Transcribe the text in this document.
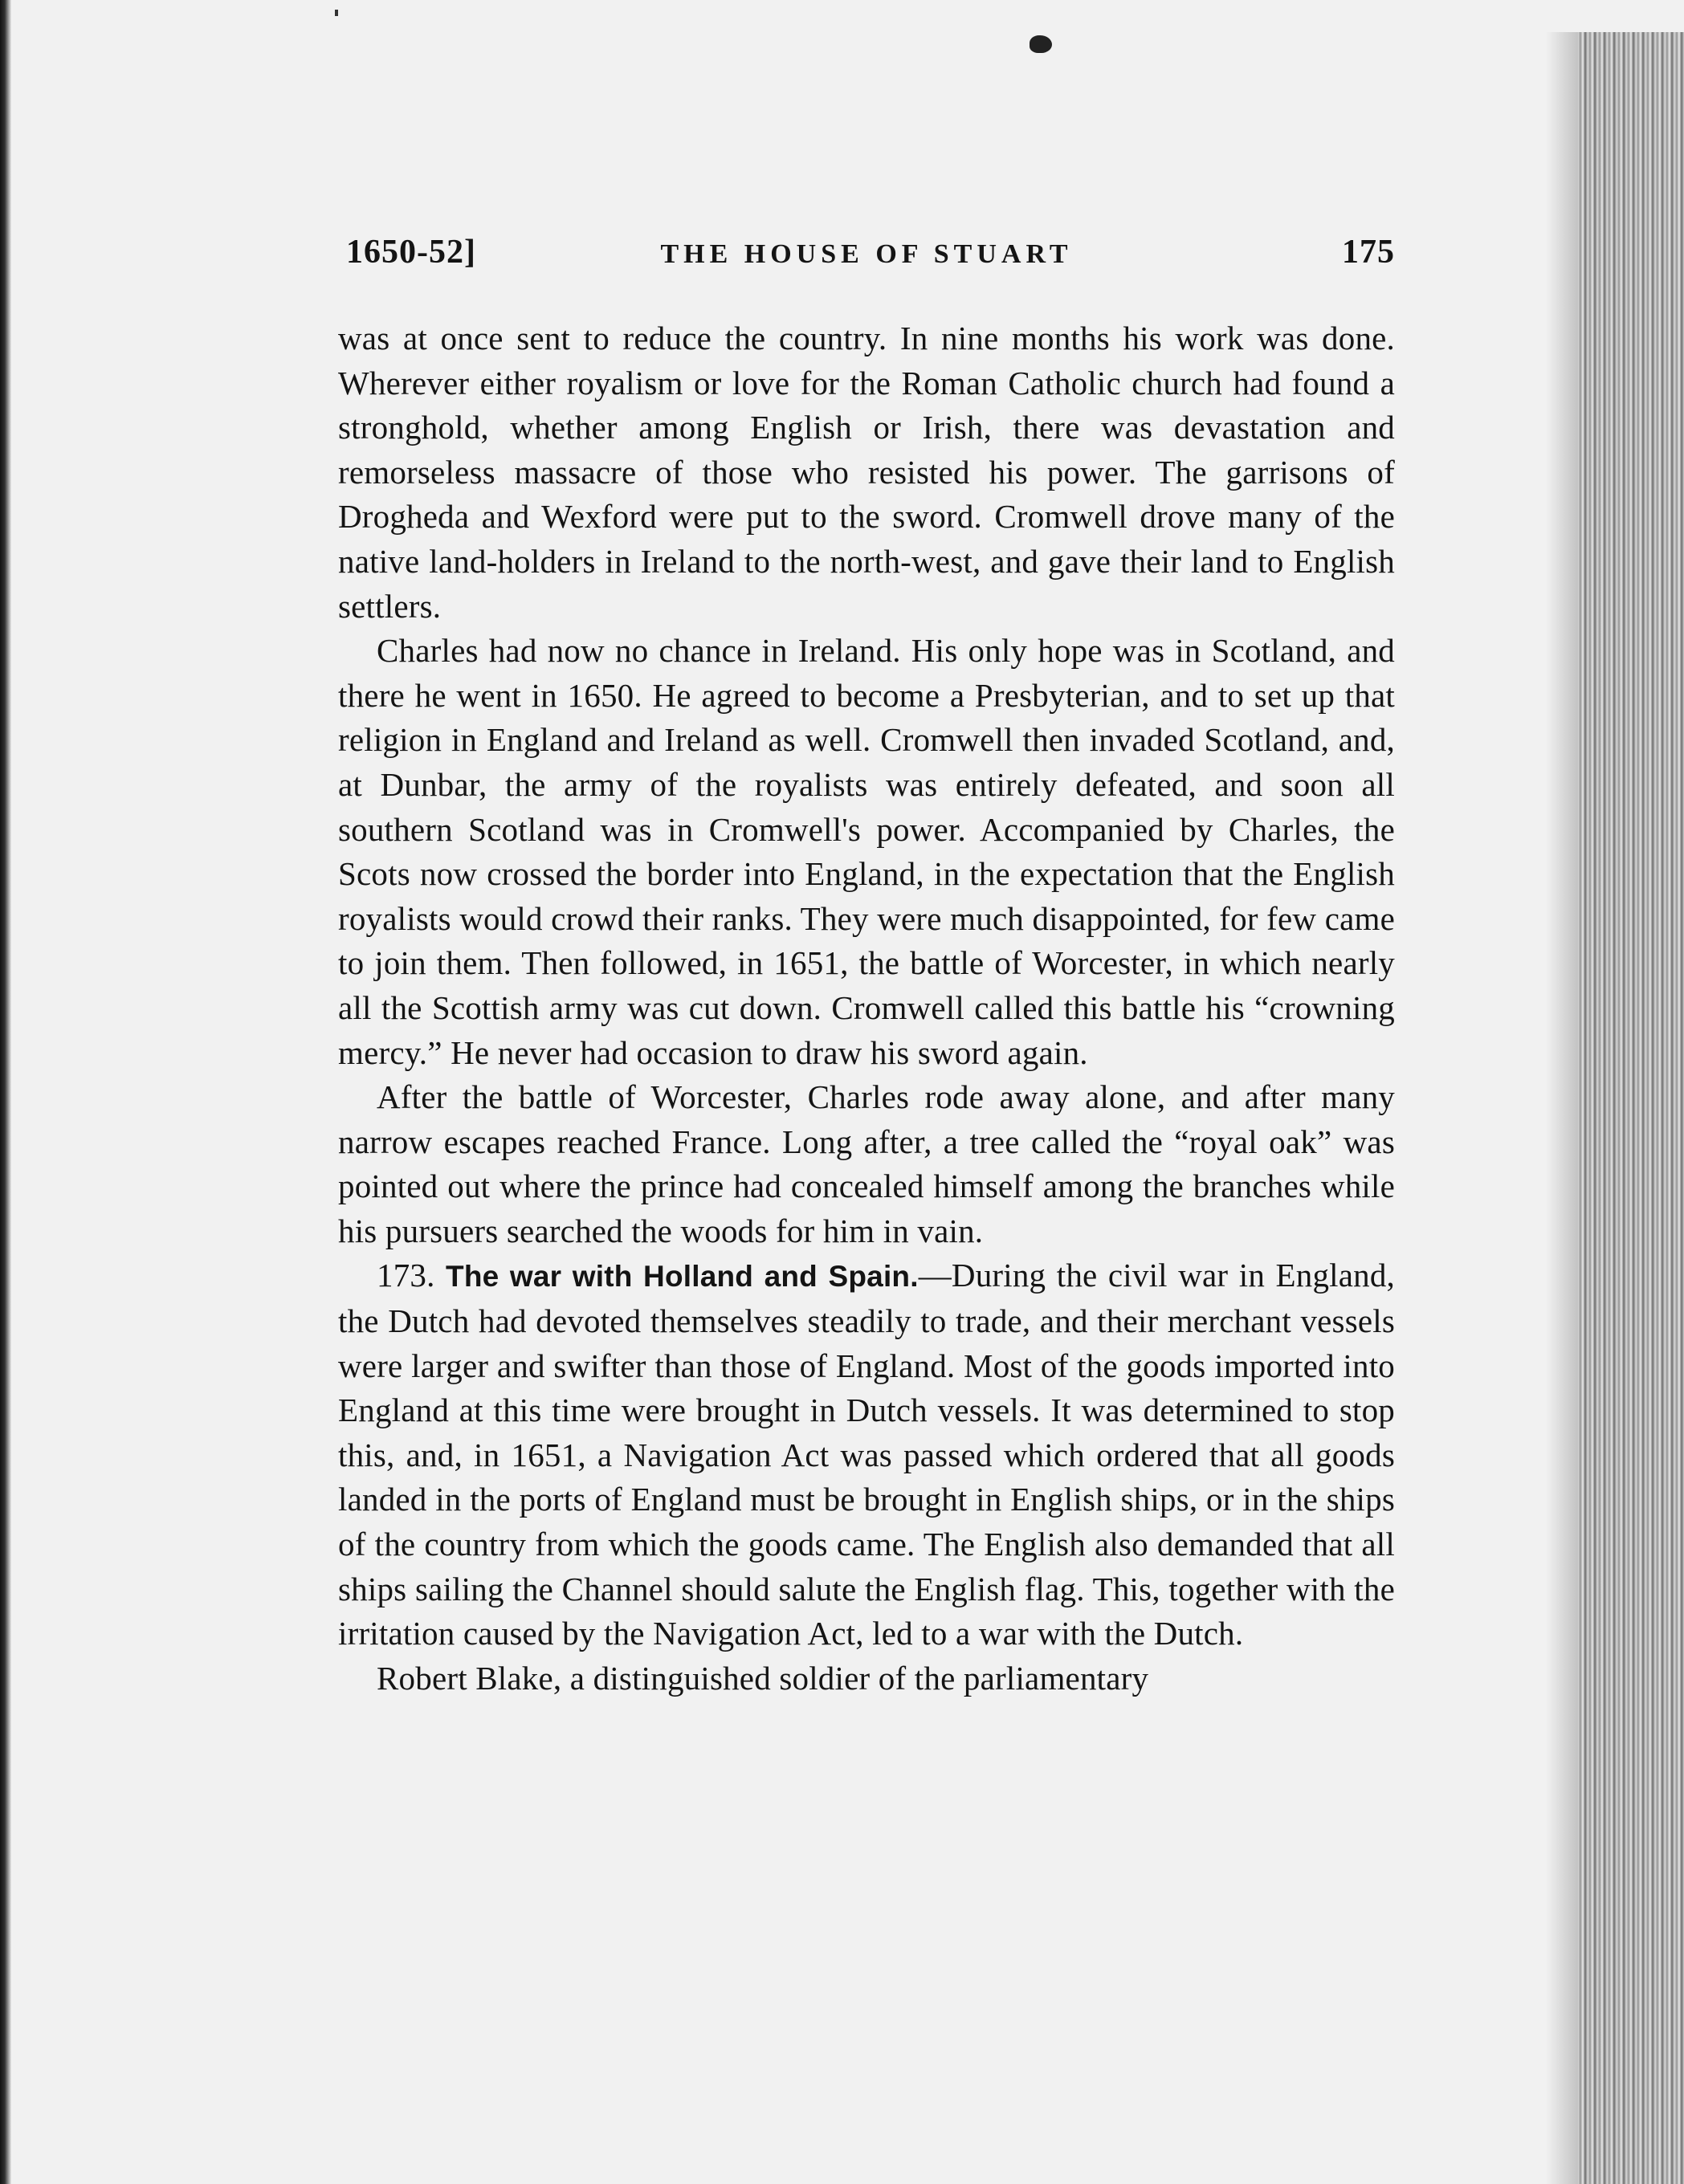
1650-52]	THE HOUSE OF STUART	175

was at once sent to reduce the country. In nine months his work was done. Wherever either royalism or love for the Roman Catholic church had found a stronghold, whether among English or Irish, there was devastation and remorseless massacre of those who resisted his power. The garrisons of Drogheda and Wexford were put to the sword. Cromwell drove many of the native land-holders in Ireland to the north-west, and gave their land to English settlers.

Charles had now no chance in Ireland. His only hope was in Scotland, and there he went in 1650. He agreed to become a Presbyterian, and to set up that religion in England and Ireland as well. Cromwell then invaded Scotland, and, at Dunbar, the army of the royalists was entirely defeated, and soon all southern Scotland was in Cromwell's power. Accompanied by Charles, the Scots now crossed the border into England, in the expectation that the English royalists would crowd their ranks. They were much disappointed, for few came to join them. Then followed, in 1651, the battle of Worcester, in which nearly all the Scottish army was cut down. Cromwell called this battle his “crowning mercy.” He never had occasion to draw his sword again.

After the battle of Worcester, Charles rode away alone, and after many narrow escapes reached France. Long after, a tree called the “royal oak” was pointed out where the prince had concealed himself among the branches while his pursuers searched the woods for him in vain.

173. The war with Holland and Spain.—During the civil war in England, the Dutch had devoted themselves steadily to trade, and their merchant vessels were larger and swifter than those of England. Most of the goods imported into England at this time were brought in Dutch vessels. It was determined to stop this, and, in 1651, a Navigation Act was passed which ordered that all goods landed in the ports of England must be brought in English ships, or in the ships of the country from which the goods came. The English also demanded that all ships sailing the Channel should salute the English flag. This, together with the irritation caused by the Navigation Act, led to a war with the Dutch.

Robert Blake, a distinguished soldier of the parliamentary
